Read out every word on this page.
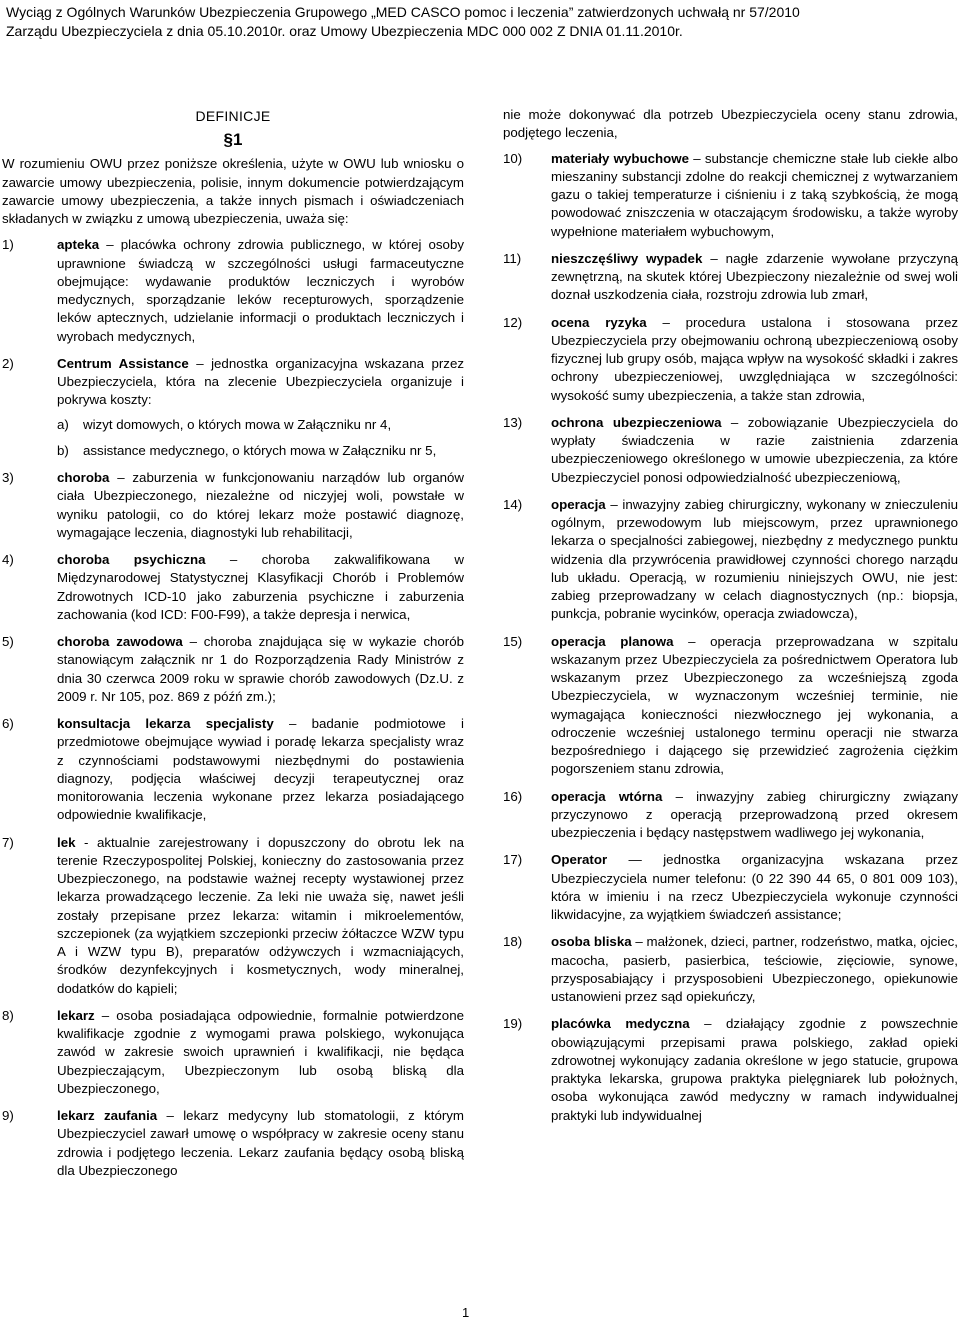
Wyciąg z Ogólnych Warunków Ubezpieczenia Grupowego „MED CASCO pomoc i leczenia” zatwierdzonych uchwałą nr 57/2010
Zarządu Ubezpieczyciela z dnia 05.10.2010r. oraz Umowy Ubezpieczenia MDC 000 002 Z DNIA 01.11.2010r.
DEFINICJE
§1
W rozumieniu OWU przez poniższe określenia, użyte w OWU lub wniosku o zawarcie umowy ubezpieczenia, polisie, innym dokumencie potwierdzającym zawarcie umowy ubezpieczenia, a także innych pismach i oświadczeniach składanych w związku z umową ubezpieczenia, uważa się:
1)	apteka – placówka ochrony zdrowia publicznego, w której osoby uprawnione świadczą w szczególności usługi farmaceutyczne obejmujące: wydawanie produktów leczniczych i wyrobów medycznych, sporządzanie leków recepturowych, sporządzenie leków aptecznych, udzielanie informacji o produktach leczniczych i wyrobach medycznych,
2)	Centrum Assistance – jednostka organizacyjna wskazana przez Ubezpieczyciela, która na zlecenie Ubezpieczyciela organizuje i pokrywa koszty:
a) wizyt domowych, o których mowa w Załączniku nr 4,
b) assistance medycznego, o których mowa w Załączniku nr 5,
3)	choroba – zaburzenia w funkcjonowaniu narządów lub organów ciała Ubezpieczonego, niezależne od niczyjej woli, powstałe w wyniku patologii, co do której lekarz może postawić diagnozę, wymagające leczenia, diagnostyki lub rehabilitacji,
4)	choroba psychiczna – choroba zakwalifikowana w Międzynarodowej Statystycznej Klasyfikacji Chorób i Problemów Zdrowotnych ICD-10 jako zaburzenia psychiczne i zaburzenia zachowania (kod ICD: F00-F99), a także depresja i nerwica,
5)	choroba zawodowa – choroba znajdująca się w wykazie chorób stanowiącym załącznik nr 1 do Rozporządzenia Rady Ministrów z dnia 30 czerwca 2009 roku w sprawie chorób zawodowych (Dz.U. z 2009 r. Nr 105, poz. 869 z późń zm.);
6)	konsultacja lekarza specjalisty – badanie podmiotowe i przedmiotowe obejmujące wywiad i poradę lekarza specjalisty wraz z czynnościami podstawowymi niezbędnymi do postawienia diagnozy, podjęcia właściwej decyzji terapeutycznej oraz monitorowania leczenia wykonane przez lekarza posiadającego odpowiednie kwalifikacje,
7)	lek - aktualnie zarejestrowany i dopuszczony do obrotu lek na terenie Rzeczypospolitej Polskiej, konieczny do zastosowania przez Ubezpieczonego, na podstawie ważnej recepty wystawionej przez lekarza prowadzącego leczenie. Za leki nie uważa się, nawet jeśli zostały przepisane przez lekarza: witamin i mikroelementów, szczepionek (za wyjątkiem szczepionki przeciw żółtaczce WZW typu A i WZW typu B), preparatów odżywczych i wzmacniających, środków dezynfekcyjnych i kosmetycznych, wody mineralnej, dodatków do kąpieli;
8)	lekarz – osoba posiadająca odpowiednie, formalnie potwierdzone kwalifikacje zgodnie z wymogami prawa polskiego, wykonująca zawód w zakresie swoich uprawnień i kwalifikacji, nie będąca Ubezpieczającym, Ubezpieczonym lub osobą bliską dla Ubezpieczonego,
9)	lekarz zaufania – lekarz medycyny lub stomatologii, z którym Ubezpieczyciel zawarł umowę o współpracy w zakresie oceny stanu zdrowia i podjętego leczenia. Lekarz zaufania będący osobą bliską dla Ubezpieczonego
nie może dokonywać dla potrzeb Ubezpieczyciela oceny stanu zdrowia, podjętego leczenia,
10) materiały wybuchowe – substancje chemiczne stałe lub ciekłe albo mieszaniny substancji zdolne do reakcji chemicznej z wytwarzaniem gazu o takiej temperaturze i ciśnieniu i z taką szybkością, że mogą powodować zniszczenia w otaczającym środowisku, a także wyroby wypełnione materiałem wybuchowym,
11) nieszczęśliwy wypadek – nagłe zdarzenie wywołane przyczyną zewnętrzną, na skutek której Ubezpieczony niezależnie od swej woli doznał uszkodzenia ciała, rozstroju zdrowia lub zmarł,
12) ocena ryzyka – procedura ustalona i stosowana przez Ubezpieczyciela przy obejmowaniu ochroną ubezpieczeniową osoby fizycznej lub grupy osób, mająca wpływ na wysokość składki i zakres ochrony ubezpieczeniowej, uwzględniająca w szczególności: wysokość sumy ubezpieczenia, a także stan zdrowia,
13) ochrona ubezpieczeniowa – zobowiązanie Ubezpieczyciela do wypłaty świadczenia w razie zaistnienia zdarzenia ubezpieczeniowego określonego w umowie ubezpieczenia, za które Ubezpieczyciel ponosi odpowiedzialność ubezpieczeniową,
14) operacja – inwazyjny zabieg chirurgiczny, wykonany w znieczuleniu ogólnym, przewodowym lub miejscowym, przez uprawnionego lekarza o specjalności zabiegowej, niezbędny z medycznego punktu widzenia dla przywrócenia prawidłowej czynności chorego narządu lub układu. Operacją, w rozumieniu niniejszych OWU, nie jest: zabieg przeprowadzany w celach diagnostycznych (np.: biopsja, punkcja, pobranie wycinków, operacja zwiadowcza),
15) operacja planowa – operacja przeprowadzana w szpitalu wskazanym przez Ubezpieczyciela za pośrednictwem Operatora lub wskazanym przez Ubezpieczonego za wcześniejszą zgoda Ubezpieczyciela, w wyznaczonym wcześniej terminie, nie wymagająca konieczności niezwłocznego jej wykonania, a odroczenie wcześniej ustalonego terminu operacji nie stwarza bezpośredniego i dającego się przewidzieć zagrożenia ciężkim pogorszeniem stanu zdrowia,
16) operacja wtórna – inwazyjny zabieg chirurgiczny związany przyczynowo z operacją przeprowadzoną przed okresem ubezpieczenia i będący następstwem wadliwego jej wykonania,
17) Operator — jednostka organizacyjna wskazana przez Ubezpieczyciela numer telefonu: (0 22 390 44 65, 0 801 009 103), która w imieniu i na rzecz Ubezpieczyciela wykonuje czynności likwidacyjne, za wyjątkiem świadczeń assistance;
18) osoba bliska – małżonek, dzieci, partner, rodzeństwo, matka, ojciec, macocha, pasierb, pasierbica, teściowie, zięciowie, synowe, przysposabiający i przysposobieni Ubezpieczonego, opiekunowie ustanowieni przez sąd opiekuńczy,
19) placówka medyczna – działający zgodnie z powszechnie obowiązującymi przepisami prawa polskiego, zakład opieki zdrowotnej wykonujący zadania określone w jego statucie, grupowa praktyka lekarska, grupowa praktyka pielęgniarek lub położnych, osoba wykonująca zawód medyczny w ramach indywidualnej praktyki lub indywidualnej
1
